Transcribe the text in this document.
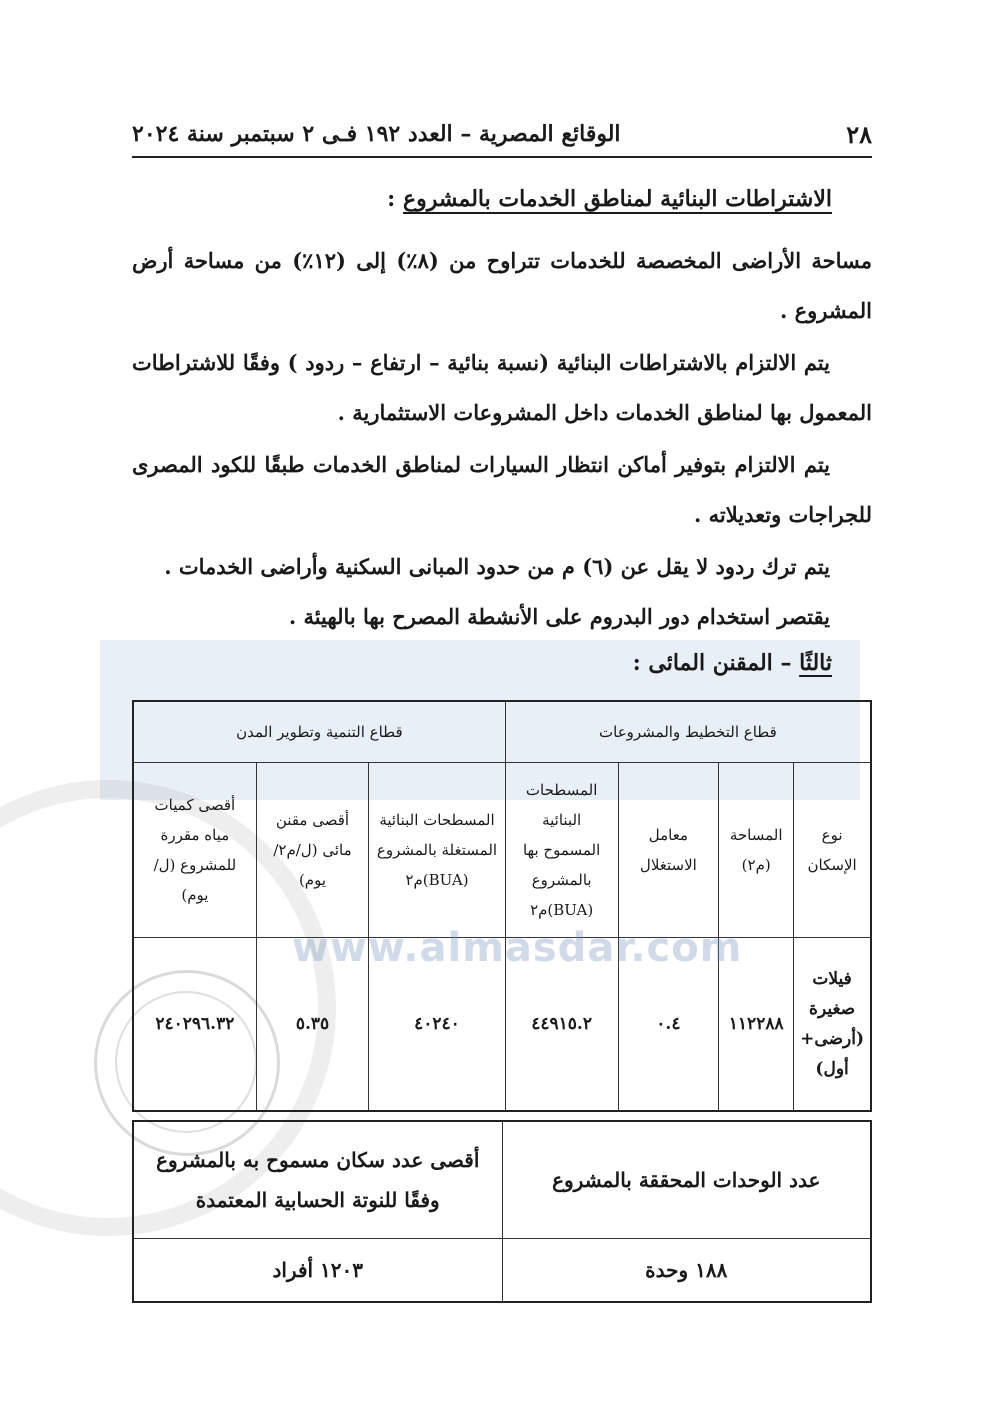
٢٨
الوقائع المصرية – العدد ١٩٢ فـى ٢ سبتمبر سنة ٢٠٢٤
الاشتراطات البنائية لمناطق الخدمات بالمشروع :
مساحة الأراضى المخصصة للخدمات تتراوح من (٨٪) إلى (١٢٪) من مساحة أرض المشروع .
يتم الالتزام بالاشتراطات البنائية (نسبة بنائية – ارتفاع – ردود ) وفقًا للاشتراطات المعمول بها لمناطق الخدمات داخل المشروعات الاستثمارية .
يتم الالتزام بتوفير أماكن انتظار السيارات لمناطق الخدمات طبقًا للكود المصرى للجراجات وتعديلاته .
يتم ترك ردود لا يقل عن (٦) م من حدود المبانى السكنية وأراضى الخدمات .
يقتصر استخدام دور البدروم على الأنشطة المصرح بها بالهيئة .
ثالثًا – المقنن المائى :
قطاع التخطيط والمشروعات				قطاع التنمية وتطوير المدن		
نوع الإسكان	المساحة (م٢)	معامل الاستغلال	المسطحات البنائية المسموح بها بالمشروع (BUA)م٢	المسطحات البنائية المستغلة بالمشروع (BUA)م٢	أقصى مقنن مائى (ل/م٢/ يوم)	أقصى كميات مياه مقررة للمشروع (ل/ يوم)
فيلات صغيرة (أرضى+ أول)	١١٢٢٨٨	٠.٤	٤٤٩١٥.٢	٤٠٢٤٠	٥.٣٥	٢٤٠٢٩٦.٣٢
عدد الوحدات المحققة بالمشروع	أقصى عدد سكان مسموح به بالمشروع وفقًا للنوتة الحسابية المعتمدة
١٨٨ وحدة	١٢٠٣ أفراد
www.almasdar.com
